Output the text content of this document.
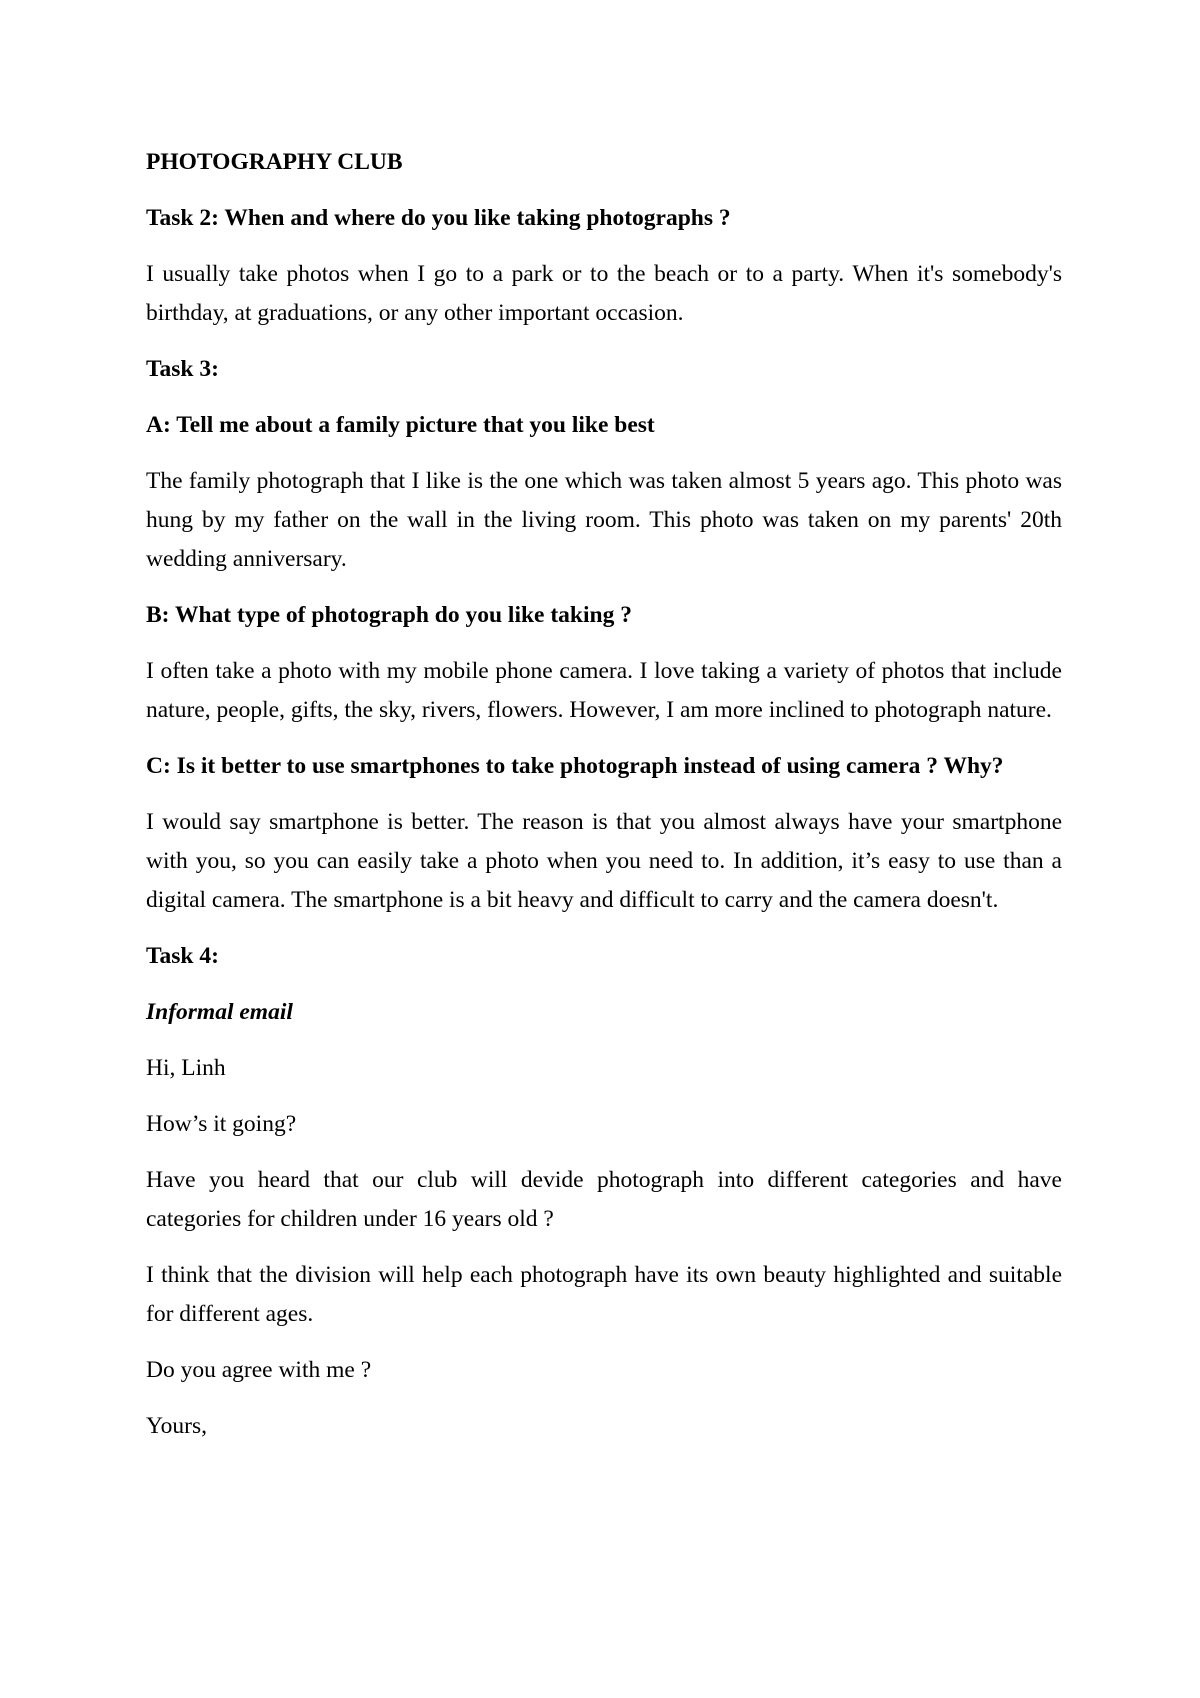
PHOTOGRAPHY CLUB

Task 2: When and where do you like taking photographs ?

I usually take photos when I go to a park or to the beach or to a party. When it's somebody's birthday, at graduations, or any other important occasion.

Task 3:

A: Tell me about a family picture that you like best

The family photograph that I like is the one which was taken almost 5 years ago. This photo was hung by my father on the wall in the living room. This photo was taken on my parents' 20th wedding anniversary.

B: What type of photograph do you like taking ?

I often take a photo with my mobile phone camera. I love taking a variety of photos that include nature, people, gifts, the sky, rivers, flowers. However, I am more inclined to photograph nature.

C: Is it better to use smartphones to take photograph instead of using camera ? Why?

I would say smartphone is better. The reason is that you almost always have your smartphone with you, so you can easily take a photo when you need to. In addition, it’s easy to use than a digital camera. The smartphone is a bit heavy and difficult to carry and the camera doesn't.

Task 4:

Informal email

Hi, Linh

How’s it going?

Have you heard that our club will devide photograph into different categories and have categories for children under 16 years old ?

I think that the division will help each photograph have its own beauty highlighted and suitable for different ages.

Do you agree with me ?

Yours,
